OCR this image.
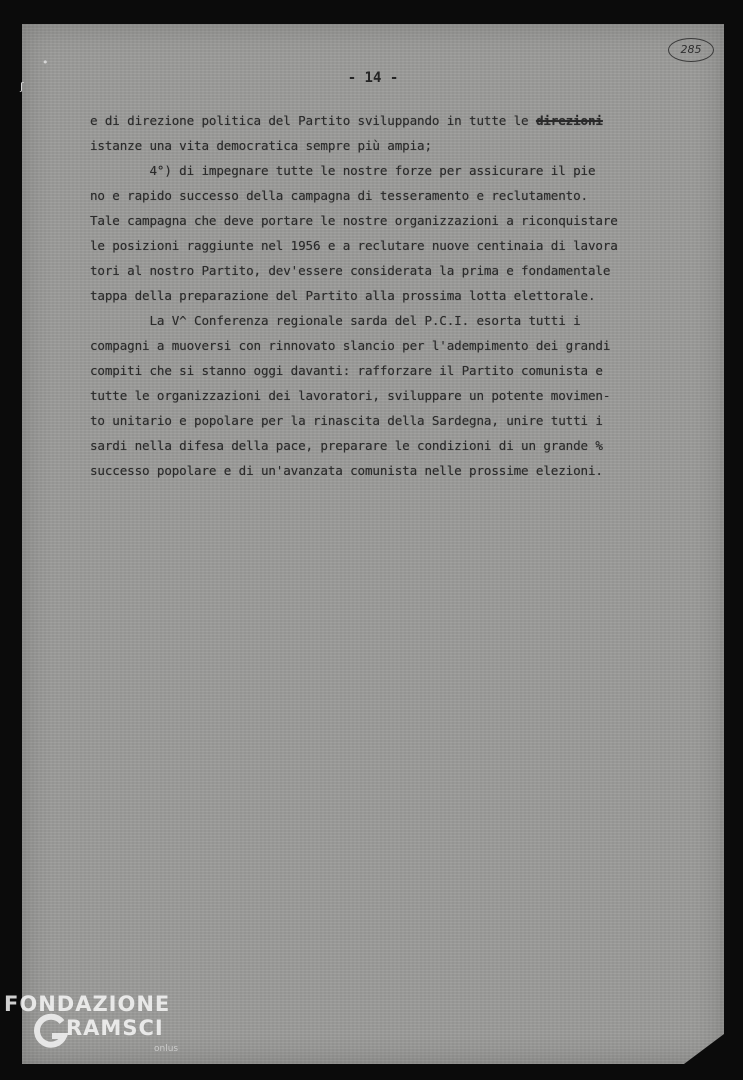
285
- 14 -
e di direzione politica del Partito sviluppando in tutte le direzioni
istanze una vita democratica sempre più ampia;
4°) di impegnare tutte le nostre forze per assicurare il pie
no e rapido successo della campagna di tesseramento e reclutamento.
Tale campagna che deve portare le nostre organizzazioni a riconquistare
le posizioni raggiunte nel 1956 e a reclutare nuove centinaia di lavora
tori al nostro Partito, dev'essere considerata la prima e fondamentale
tappa della preparazione del Partito alla prossima lotta elettorale.
La V^ Conferenza regionale sarda del P.C.I. esorta tutti i
compagni a muoversi con rinnovato slancio per l'adempimento dei grandi
compiti che si stanno oggi davanti: rafforzare il Partito comunista e
tutte le organizzazioni dei lavoratori, sviluppare un potente movimen-
to unitario e popolare per la rinascita della Sardegna, unire tutti i
sardi nella difesa della pace, preparare le condizioni di un grande %
successo popolare e di un'avanzata comunista nelle prossime elezioni.
•
ʃ
FONDAZIONE
RAMSCI
onlus
